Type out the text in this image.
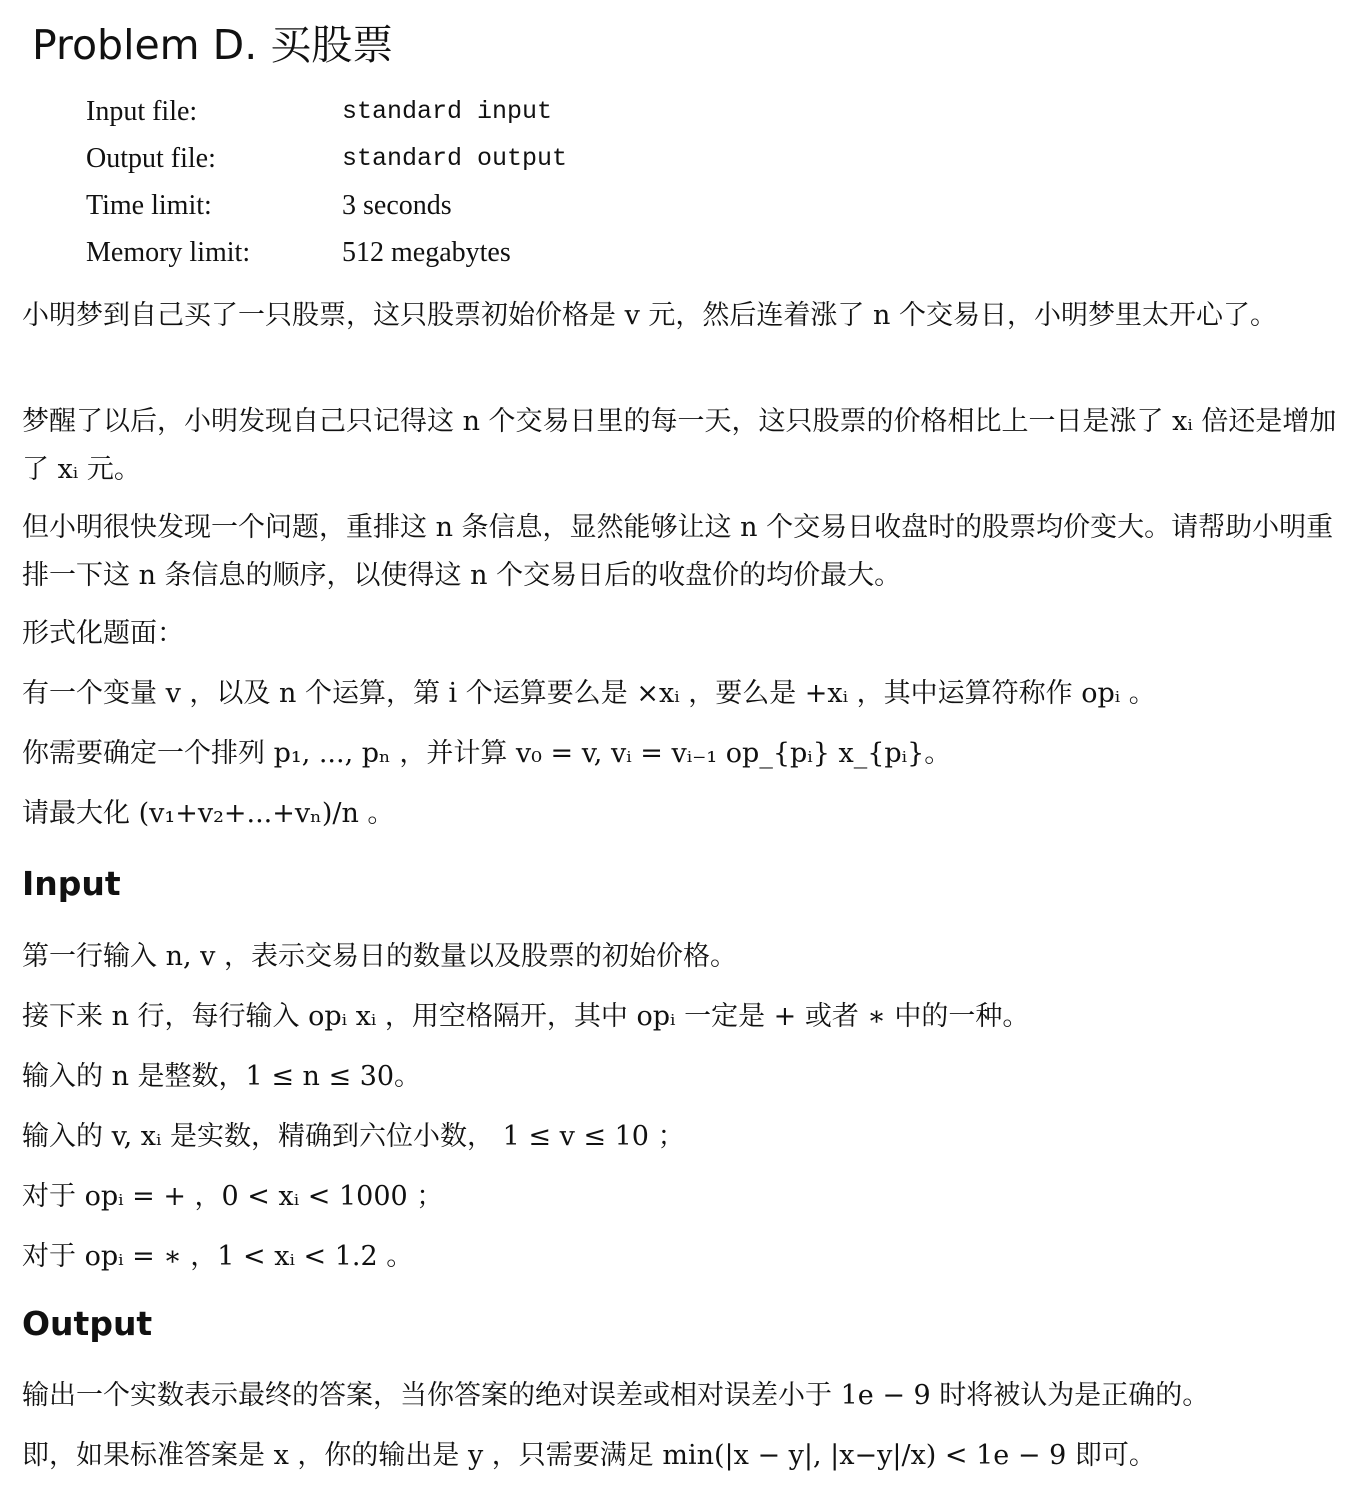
Problem D. 买股票
Input file:	standard input
Output file:	standard output
Time limit:	3 seconds
Memory limit:	512 megabytes

小明梦到自己买了一只股票，这只股票初始价格是 v 元，然后连着涨了 n 个交易日，小明梦里太开心了。

梦醒了以后，小明发现自己只记得这 n 个交易日里的每一天，这只股票的价格相比上一日是涨了 xᵢ 倍还是增加了 xᵢ 元。

但小明很快发现一个问题，重排这 n 条信息，显然能够让这 n 个交易日收盘时的股票均价变大。请帮助小明重排一下这 n 条信息的顺序，以使得这 n 个交易日后的收盘价的均价最大。

形式化题面：

有一个变量 v ，以及 n 个运算，第 i 个运算要么是 ×xᵢ ，要么是 +xᵢ ，其中运算符称作 opᵢ 。

你需要确定一个排列 p₁, ..., pₙ ，并计算 v₀ = v, vᵢ = vᵢ₋₁ op_{pᵢ} x_{pᵢ}。

请最大化 (v₁+v₂+...+vₙ)/n 。

Input

第一行输入 n, v ，表示交易日的数量以及股票的初始价格。

接下来 n 行，每行输入 opᵢ xᵢ ，用空格隔开，其中 opᵢ 一定是 + 或者 ∗ 中的一种。

输入的 n 是整数，1 ≤ n ≤ 30。

输入的 v, xᵢ 是实数，精确到六位小数， 1 ≤ v ≤ 10 ；

对于 opᵢ = + ，0 < xᵢ < 1000 ；

对于 opᵢ = ∗ ，1 < xᵢ < 1.2 。

Output

输出一个实数表示最终的答案，当你答案的绝对误差或相对误差小于 1e − 9 时将被认为是正确的。

即，如果标准答案是 x ，你的输出是 y ，只需要满足 min(|x − y|, |x−y|/x) < 1e − 9 即可。
